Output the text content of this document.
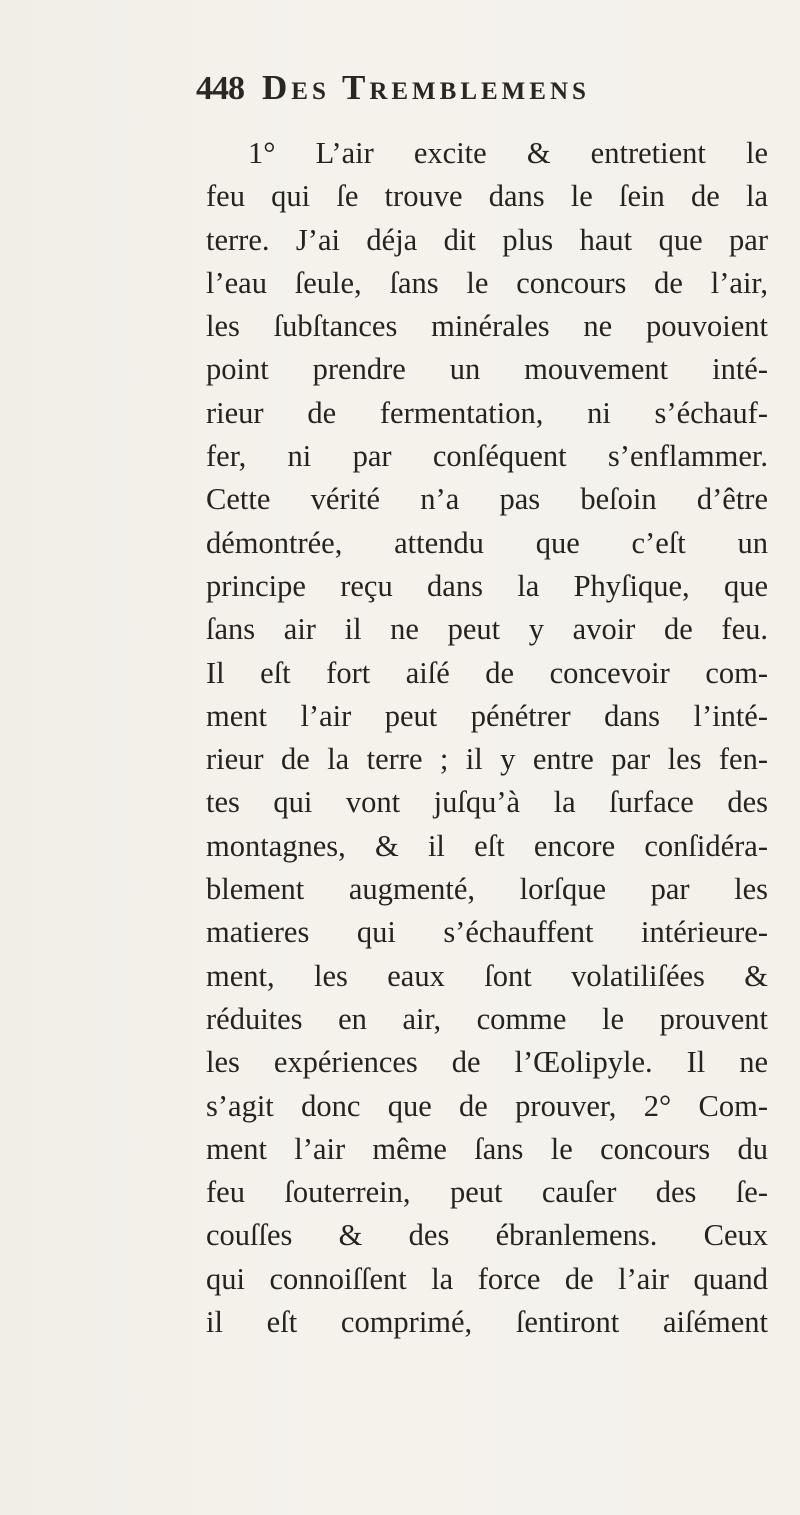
448 Des Tremblemens
1° L’air excite & entretient le
feu qui ſe trouve dans le ſein de la
terre. J’ai déja dit plus haut que par
l’eau ſeule, ſans le concours de l’air,
les ſubſtances minérales ne pouvoient
point prendre un mouvement inté-
rieur de fermentation, ni s’échauf-
fer, ni par conſéquent s’enflammer.
Cette vérité n’a pas beſoin d’être
démontrée, attendu que c’eſt un
principe reçu dans la Phyſique, que
ſans air il ne peut y avoir de feu.
Il eſt fort aiſé de concevoir com-
ment l’air peut pénétrer dans l’inté-
rieur de la terre ; il y entre par les fen-
tes qui vont juſqu’à la ſurface des
montagnes, & il eſt encore conſidéra-
blement augmenté, lorſque par les
matieres qui s’échauffent intérieure-
ment, les eaux ſont volatiliſées &
réduites en air, comme le prouvent
les expériences de l’Œolipyle. Il ne
s’agit donc que de prouver, 2° Com-
ment l’air même ſans le concours du
feu ſouterrein, peut cauſer des ſe-
couſſes & des ébranlemens. Ceux
qui connoiſſent la force de l’air quand
il eſt comprimé, ſentiront aiſément
